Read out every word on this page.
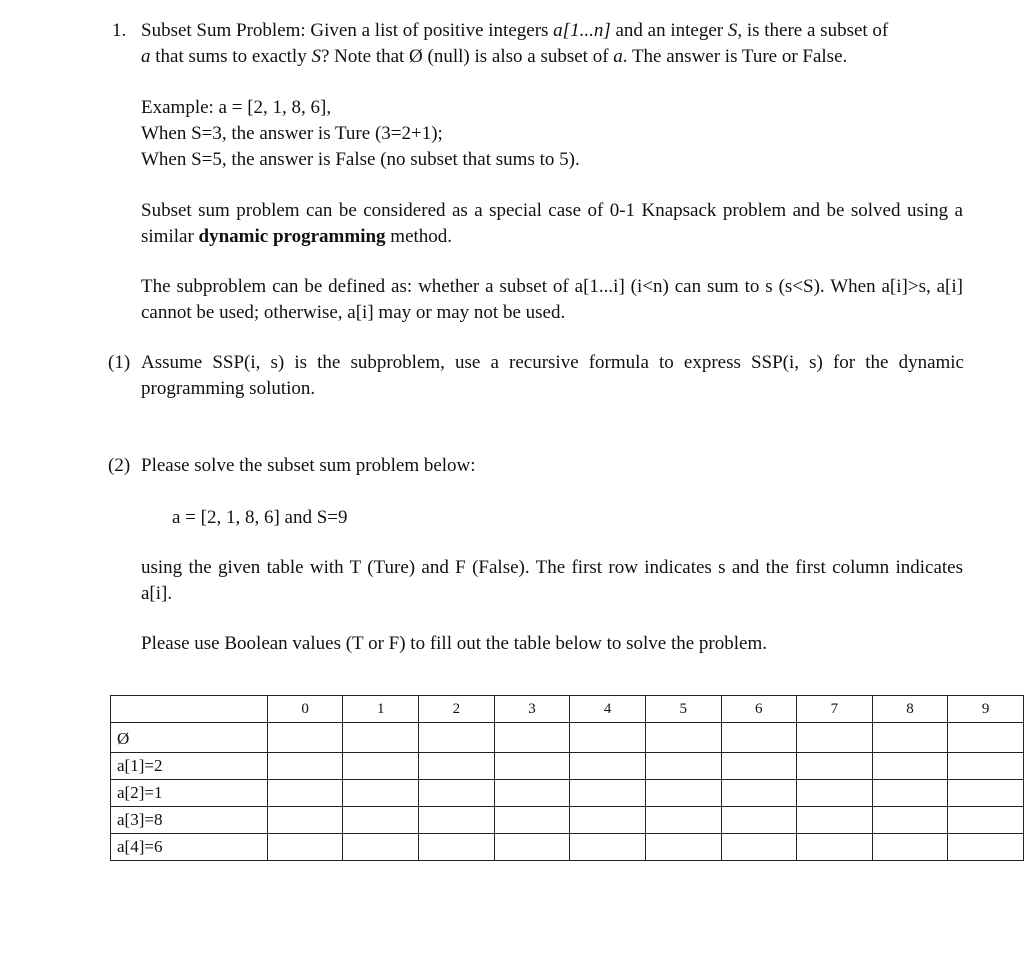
1. Subset Sum Problem: Given a list of positive integers a[1...n] and an integer S, is there a subset of
a that sums to exactly S? Note that Ø (null) is also a subset of a. The answer is Ture or False.
Example: a = [2, 1, 8, 6],
When S=3, the answer is Ture (3=2+1);
When S=5, the answer is False (no subset that sums to 5).
Subset sum problem can be considered as a special case of 0-1 Knapsack problem and be solved using a similar dynamic programming method.
The subproblem can be defined as: whether a subset of a[1...i] (i<n) can sum to s (s<S). When a[i]>s, a[i] cannot be used; otherwise, a[i] may or may not be used.
(1) Assume SSP(i, s) is the subproblem, use a recursive formula to express SSP(i, s) for the dynamic programming solution.
(2) Please solve the subset sum problem below:
a = [2, 1, 8, 6] and S=9
using the given table with T (Ture) and F (False). The first row indicates s and the first column indicates a[i].
Please use Boolean values (T or F) to fill out the table below to solve the problem.
	0	1	2	3	4	5	6	7	8	9
Ø										
a[1]=2										
a[2]=1										
a[3]=8										
a[4]=6										
